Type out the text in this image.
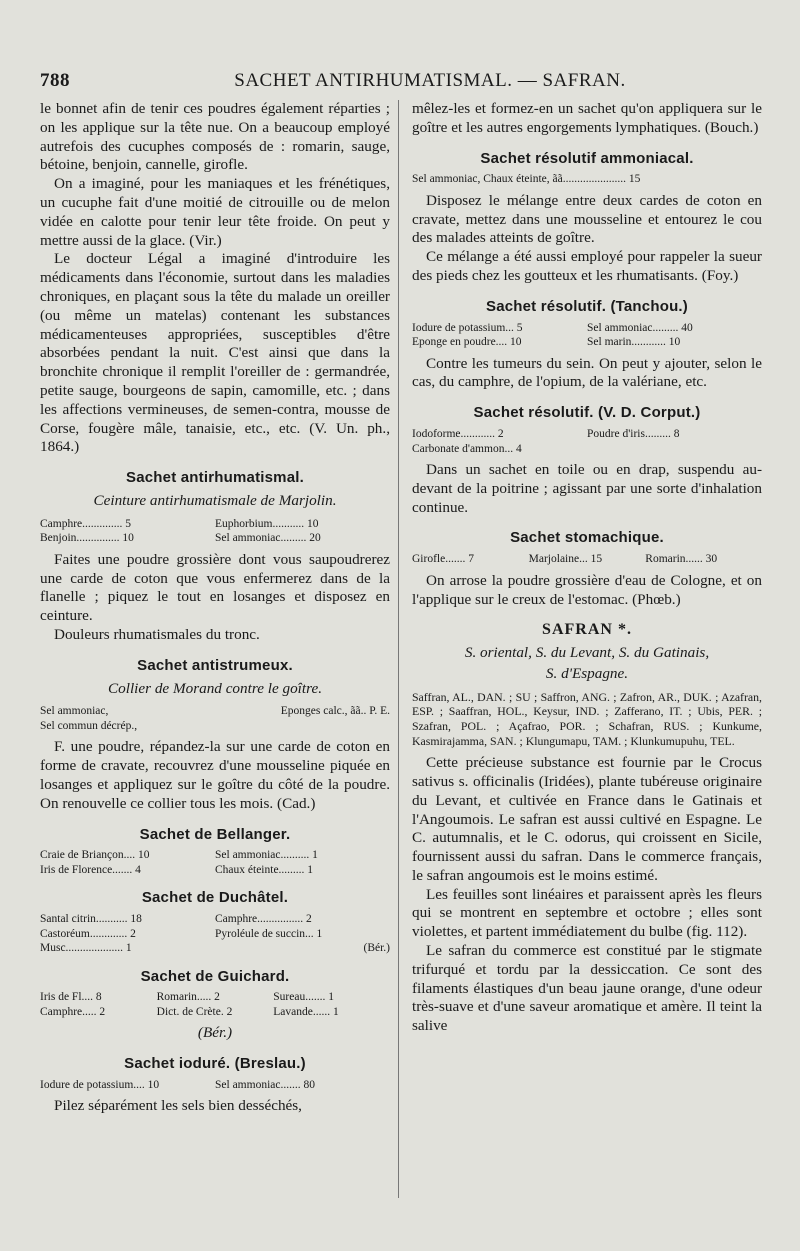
788	SACHET ANTIRHUMATISMAL. — SAFRAN.

le bonnet afin de tenir ces poudres également réparties ; on les applique sur la tête nue. On a beaucoup employé autrefois des cucuphes composés de : romarin, sauge, bétoine, benjoin, cannelle, girofle.

On a imaginé, pour les maniaques et les frénétiques, un cucuphe fait d'une moitié de citrouille ou de melon vidée en calotte pour tenir leur tête froide. On peut y mettre aussi de la glace. (Vir.)

Le docteur Légal a imaginé d'introduire les médicaments dans l'économie, surtout dans les maladies chroniques, en plaçant sous la tête du malade un oreiller (ou même un matelas) contenant les substances médicamenteuses appropriées, susceptibles d'être absorbées pendant la nuit. C'est ainsi que dans la bronchite chronique il remplit l'oreiller de : germandrée, petite sauge, bourgeons de sapin, camomille, etc. ; dans les affections vermineuses, de semen-contra, mousse de Corse, fougère mâle, tanaisie, etc., etc. (V. Un. ph., 1864.)

Sachet antirhumatismal.
Ceinture antirhumatismale de Marjolin.
Camphre.............. 5	Euphorbium........... 10
Benjoin............... 10	Sel ammoniac......... 20

Faites une poudre grossière dont vous saupoudrerez une carde de coton que vous enfermerez dans de la flanelle ; piquez le tout en losanges et disposez en ceinture.

Douleurs rhumatismales du tronc.

Sachet antistrumeux.
Collier de Morand contre le goître.
Sel ammoniac,	Eponges calc., ãã.. P. E.
Sel commun décrép.,

F. une poudre, répandez-la sur une carde de coton en forme de cravate, recouvrez d'une mousseline piquée en losanges et appliquez sur le goître du côté de la poudre. On renouvelle ce collier tous les mois. (Cad.)

Sachet de Bellanger.
Craie de Briançon.... 10	Sel ammoniac.......... 1
Iris de Florence....... 4	Chaux éteinte......... 1
Sachet de Duchâtel.
Santal citrin........... 18	Camphre................ 2
Castoréum............. 2	Pyroléule de succin... 1
Musc.................... 1	(Bér.)
Sachet de Guichard.
Iris de Fl.... 8	Romarin..... 2	Sureau....... 1
Camphre..... 2	Dict. de Crète. 2	Lavande...... 1
(Bér.)
Sachet ioduré. (Breslau.)
Iodure de potassium.... 10	Sel ammoniac....... 80

Pilez séparément les sels bien desséchés,

mêlez-les et formez-en un sachet qu'on appliquera sur le goître et les autres engorgements lymphatiques. (Bouch.)

Sachet résolutif ammoniacal.
Sel ammoniac, Chaux éteinte, ãã...................... 15

Disposez le mélange entre deux cardes de coton en cravate, mettez dans une mousseline et entourez le cou des malades atteints de goître.

Ce mélange a été aussi employé pour rappeler la sueur des pieds chez les goutteux et les rhumatisants. (Foy.)

Sachet résolutif. (Tanchou.)
Iodure de potassium... 5	Sel ammoniac......... 40
Eponge en poudre.... 10	Sel marin............ 10

Contre les tumeurs du sein. On peut y ajouter, selon le cas, du camphre, de l'opium, de la valériane, etc.

Sachet résolutif. (V. D. Corput.)
Iodoforme............ 2	Poudre d'iris......... 8
Carbonate d'ammon... 4

Dans un sachet en toile ou en drap, suspendu au-devant de la poitrine ; agissant par une sorte d'inhalation continue.

Sachet stomachique.
Girofle....... 7	Marjolaine... 15	Romarin...... 30

On arrose la poudre grossière d'eau de Cologne, et on l'applique sur le creux de l'estomac. (Phœb.)

SAFRAN *.
S. oriental, S. du Levant, S. du Gatinais,
S. d'Espagne.
Saffran, AL., DAN. ; SU ; Saffron, ANG. ; Zafron, AR., DUK. ; Azafran, ESP. ; Saaffran, HOL., Keysur, IND. ; Zafferano, IT. ; Ubis, PER. ; Szafran, POL. ; Açafrao, POR. ; Schafran, RUS. ; Kunkume, Kasmirajamma, SAN. ; Klungumapu, TAM. ; Klunkumupuhu, TEL.

Cette précieuse substance est fournie par le Crocus sativus s. officinalis (Iridées), plante tubéreuse originaire du Levant, et cultivée en France dans le Gatinais et l'Angoumois. Le safran est aussi cultivé en Espagne. Le C. autumnalis, et le C. odorus, qui croissent en Sicile, fournissent aussi du safran. Dans le commerce français, le safran angoumois est le moins estimé.

Les feuilles sont linéaires et paraissent après les fleurs qui se montrent en septembre et octobre ; elles sont violettes, et partent immédiatement du bulbe (fig. 112).

Le safran du commerce est constitué par le stigmate trifurqué et tordu par la dessiccation. Ce sont des filaments élastiques d'un beau jaune orange, d'une odeur très-suave et d'une saveur aromatique et amère. Il teint la salive
